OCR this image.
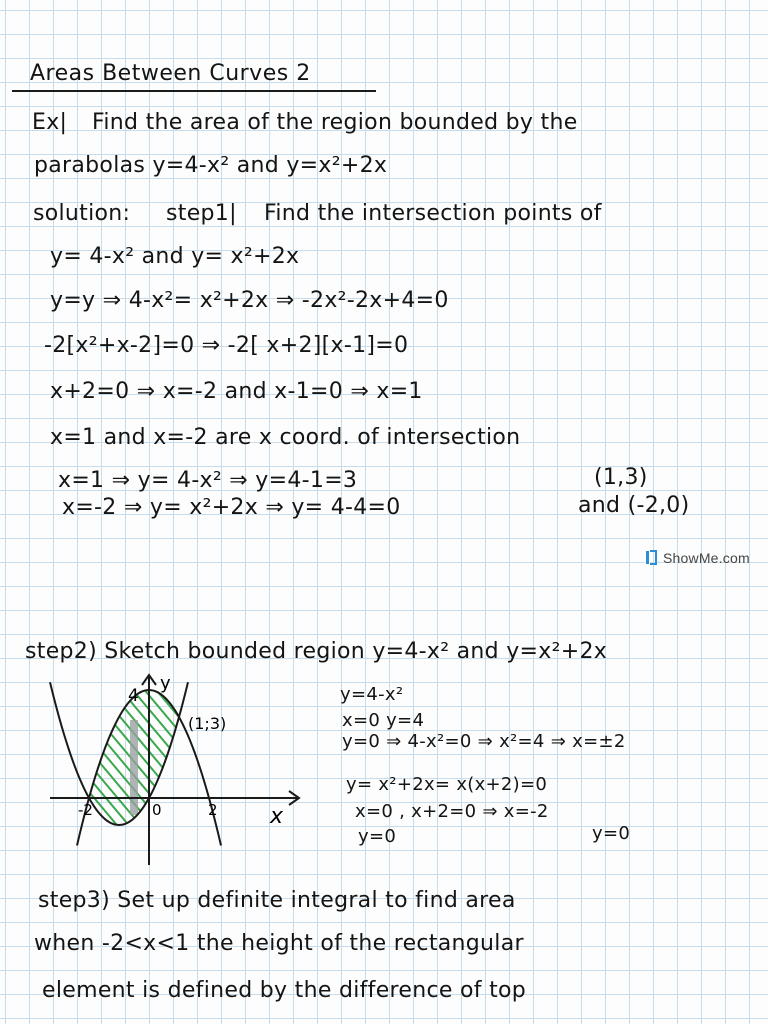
Areas Between Curves 2
Ex| Find the area of the region bounded by the
parabolas y=4-x² and y=x²+2x
solution: step1| Find the intersection points of
y= 4-x² and y= x²+2x
y=y ⇒ 4-x²= x²+2x ⇒ -2x²-2x+4=0
-2[x²+x-2]=0 ⇒ -2[ x+2][x-1]=0
x+2=0 ⇒ x=-2 and x-1=0 ⇒ x=1
x=1 and x=-2 are x coord. of intersection
x=1 ⇒ y= 4-x² ⇒ y=4-1=3
x=-2 ⇒ y= x²+2x ⇒ y= 4-4=0
(1,3)
and (-2,0)
ShowMe.com
step2) Sketch bounded region y=4-x² and y=x²+2x
y
x
4
-2	0	2
(1;3)
y=4-x²
x=0 y=4
y=0 ⇒ 4-x²=0 ⇒ x²=4 ⇒ x=±2
y= x²+2x= x(x+2)=0
x=0 , x+2=0 ⇒ x=-2
y=0	y=0
step3) Set up definite integral to find area
when -2<x<1 the height of the rectangular
element is defined by the difference of top
